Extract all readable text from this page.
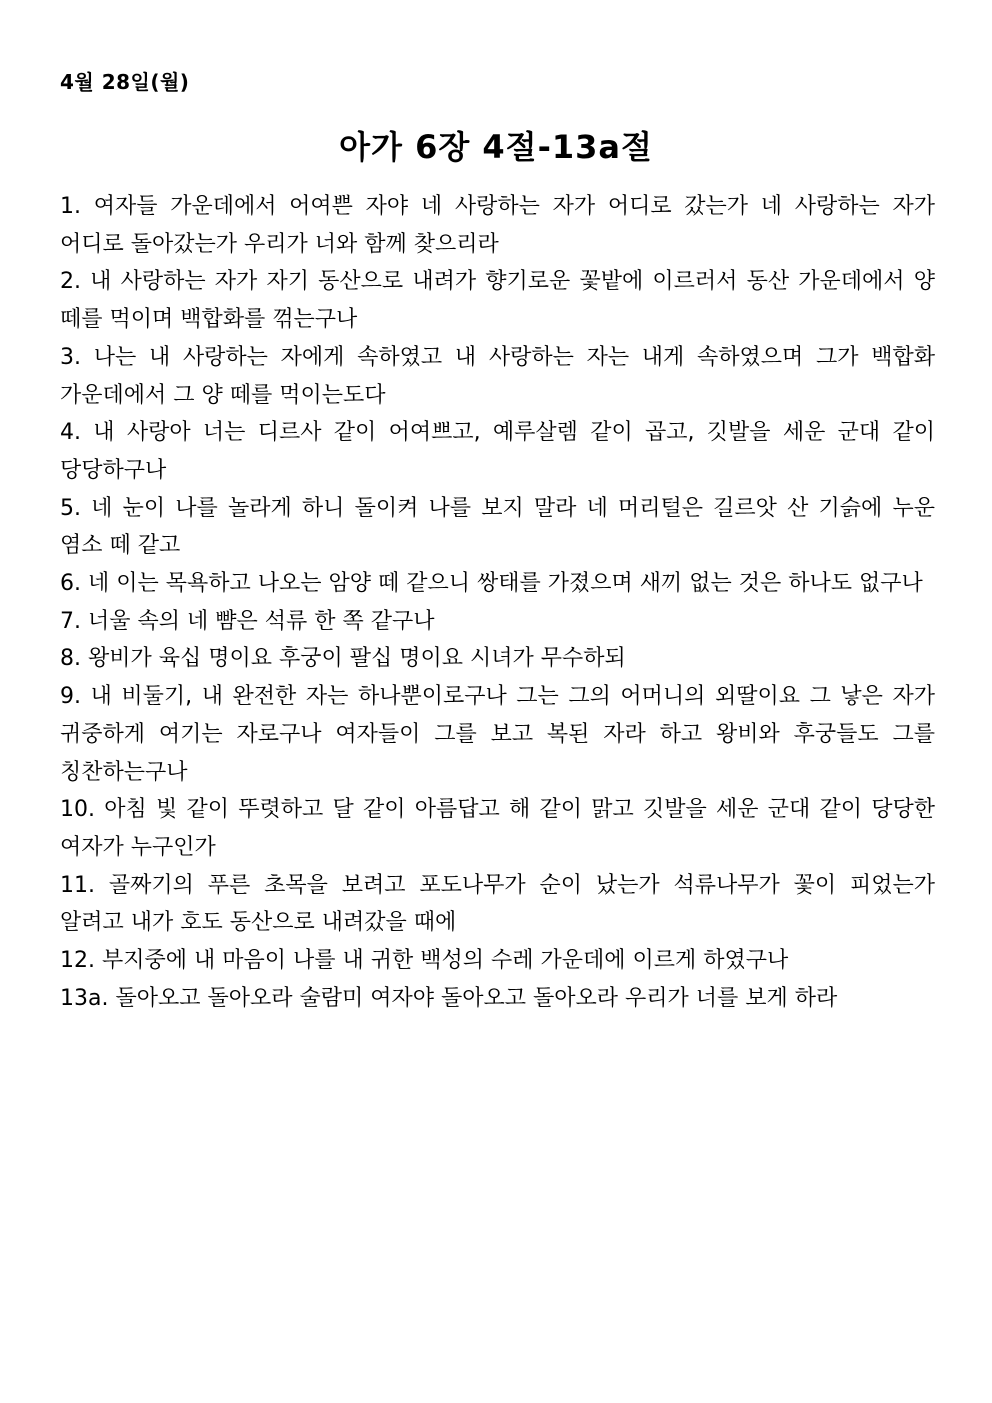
4월 28일(월)
아가 6장 4절-13a절
1. 여자들 가운데에서 어여쁜 자야 네 사랑하는 자가 어디로 갔는가 네 사랑하는 자가 어디로 돌아갔는가 우리가 너와 함께 찾으리라
2. 내 사랑하는 자가 자기 동산으로 내려가 향기로운 꽃밭에 이르러서 동산 가운데에서 양 떼를 먹이며 백합화를 꺾는구나
3. 나는 내 사랑하는 자에게 속하였고 내 사랑하는 자는 내게 속하였으며 그가 백합화 가운데에서 그 양 떼를 먹이는도다
4. 내 사랑아 너는 디르사 같이 어여쁘고, 예루살렘 같이 곱고, 깃발을 세운 군대 같이 당당하구나
5. 네 눈이 나를 놀라게 하니 돌이켜 나를 보지 말라 네 머리털은 길르앗 산 기슭에 누운 염소 떼 같고
6. 네 이는 목욕하고 나오는 암양 떼 같으니 쌍태를 가졌으며 새끼 없는 것은 하나도 없구나
7. 너울 속의 네 뺨은 석류 한 쪽 같구나
8. 왕비가 육십 명이요 후궁이 팔십 명이요 시녀가 무수하되
9. 내 비둘기, 내 완전한 자는 하나뿐이로구나 그는 그의 어머니의 외딸이요 그 낳은 자가 귀중하게 여기는 자로구나 여자들이 그를 보고 복된 자라 하고 왕비와 후궁들도 그를 칭찬하는구나
10. 아침 빛 같이 뚜렷하고 달 같이 아름답고 해 같이 맑고 깃발을 세운 군대 같이 당당한 여자가 누구인가
11. 골짜기의 푸른 초목을 보려고 포도나무가 순이 났는가 석류나무가 꽃이 피었는가 알려고 내가 호도 동산으로 내려갔을 때에
12. 부지중에 내 마음이 나를 내 귀한 백성의 수레 가운데에 이르게 하였구나
13a. 돌아오고 돌아오라 술람미 여자야 돌아오고 돌아오라 우리가 너를 보게 하라
